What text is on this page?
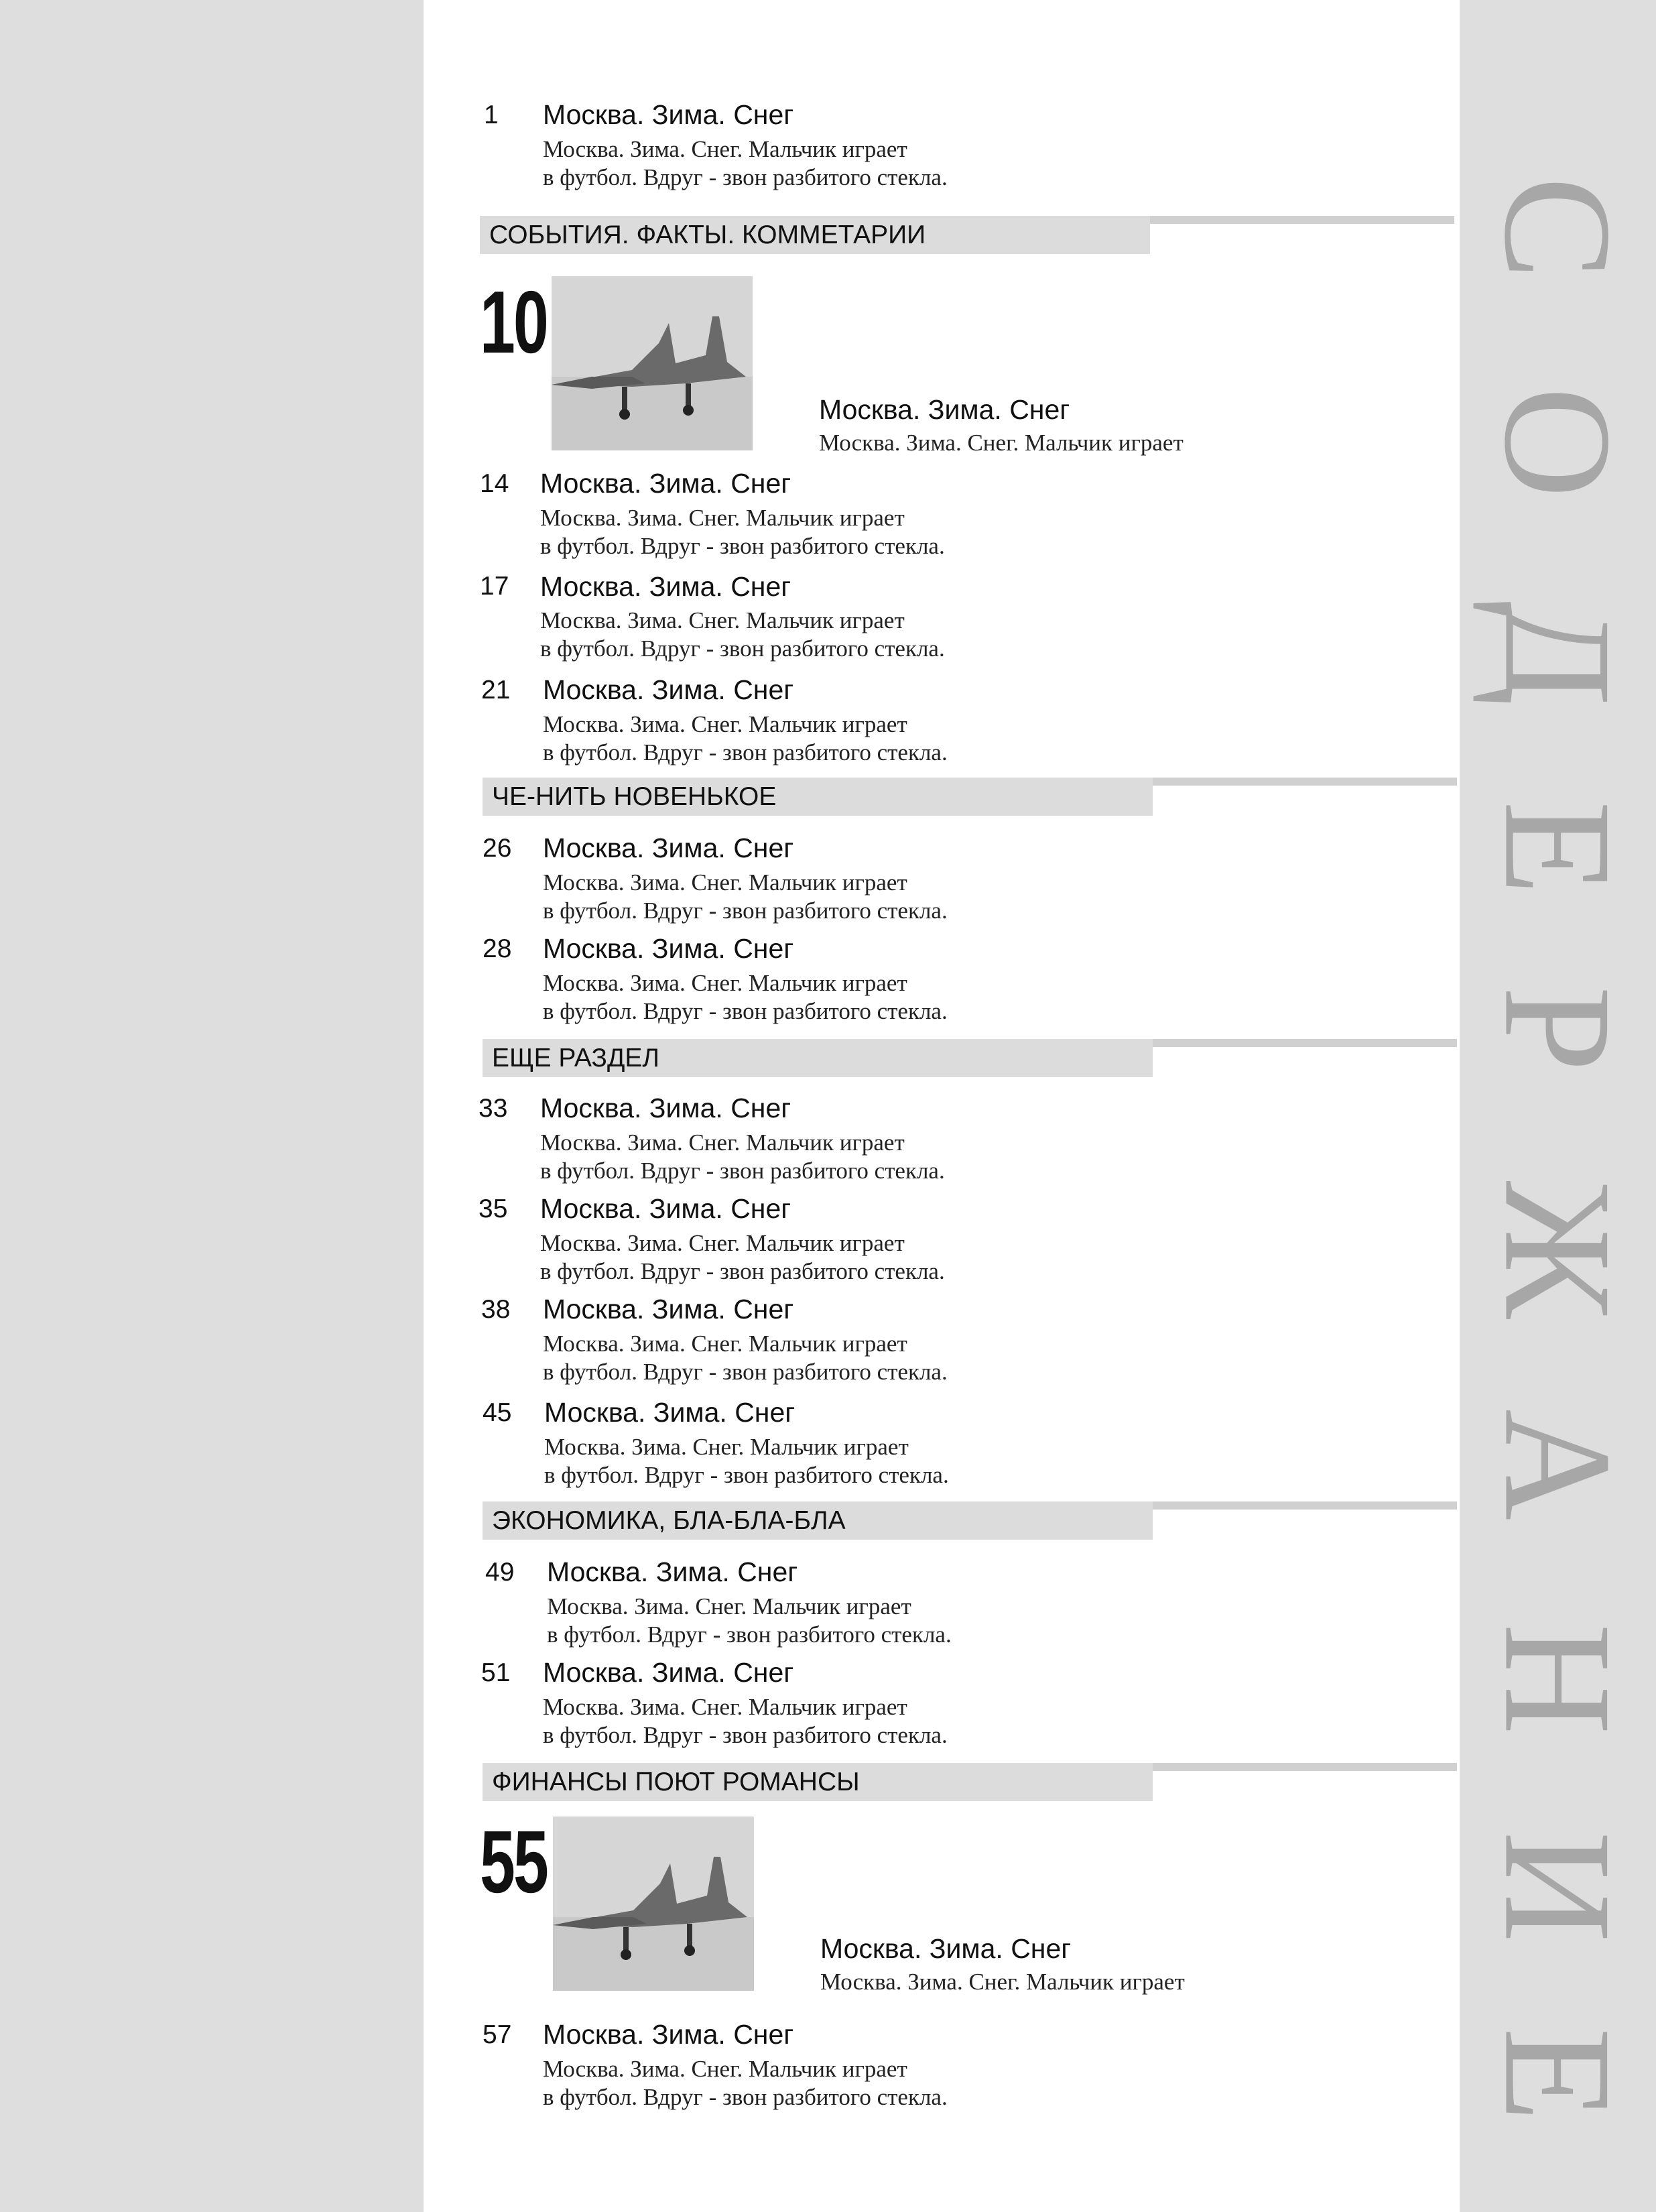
С
О
Д
Е
Р
Ж
А
Н
И
Е
1 Москва. Зима. Снег
Москва. Зима. Снег. Мальчик играет
в футбол. Вдруг - звон разбитого стекла.
СОБЫТИЯ. ФАКТЫ. КОММЕТАРИИ
10
Москва. Зима. Снег
Москва. Зима. Снег. Мальчик играет
14 Москва. Зима. Снег
Москва. Зима. Снег. Мальчик играет
в футбол. Вдруг - звон разбитого стекла.
17 Москва. Зима. Снег
Москва. Зима. Снег. Мальчик играет
в футбол. Вдруг - звон разбитого стекла.
21 Москва. Зима. Снег
Москва. Зима. Снег. Мальчик играет
в футбол. Вдруг - звон разбитого стекла.
ЧЕ-НИТЬ НОВЕНЬКОЕ
26 Москва. Зима. Снег
Москва. Зима. Снег. Мальчик играет
в футбол. Вдруг - звон разбитого стекла.
28 Москва. Зима. Снег
Москва. Зима. Снег. Мальчик играет
в футбол. Вдруг - звон разбитого стекла.
ЕЩЕ РАЗДЕЛ
33 Москва. Зима. Снег
Москва. Зима. Снег. Мальчик играет
в футбол. Вдруг - звон разбитого стекла.
35 Москва. Зима. Снег
Москва. Зима. Снег. Мальчик играет
в футбол. Вдруг - звон разбитого стекла.
38 Москва. Зима. Снег
Москва. Зима. Снег. Мальчик играет
в футбол. Вдруг - звон разбитого стекла.
45 Москва. Зима. Снег
Москва. Зима. Снег. Мальчик играет
в футбол. Вдруг - звон разбитого стекла.
ЭКОНОМИКА, БЛА-БЛА-БЛА
49 Москва. Зима. Снег
Москва. Зима. Снег. Мальчик играет
в футбол. Вдруг - звон разбитого стекла.
51 Москва. Зима. Снег
Москва. Зима. Снег. Мальчик играет
в футбол. Вдруг - звон разбитого стекла.
ФИНАНСЫ ПОЮТ РОМАНСЫ
55
Москва. Зима. Снег
Москва. Зима. Снег. Мальчик играет
57 Москва. Зима. Снег
Москва. Зима. Снег. Мальчик играет
в футбол. Вдруг - звон разбитого стекла.
